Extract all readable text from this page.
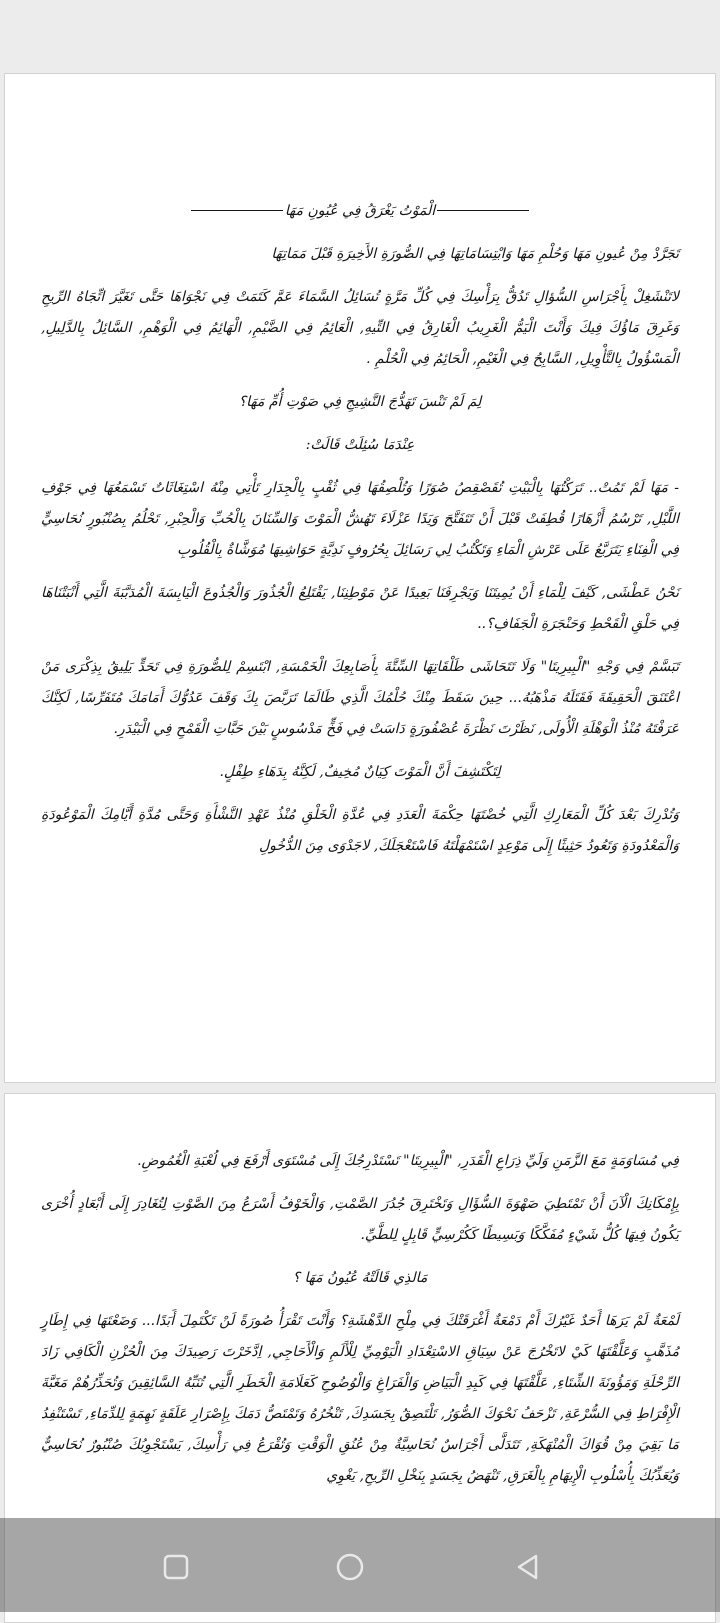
الْمَوْتُ يَغْرَقُ فِي عُيُونِ مَهَا

تَجَرَّدْ مِنْ عُيونِ مَهَا وَحُلْمِ مَهَا وَابْتِسَامَاتِهَا فِي الصُّورَةِ الأَخِيرَةِ قَبْلَ مَمَاتِهَا

لاتَنْشَغِلْ بِأَجْرَاسِ السُّؤالِ تَدُقُّ بِرَأْسِكَ فِي كُلِّ مَرَّةٍ تُسَائِلُ السَّمَاءَ عَمَّ كَتَمَتْ فِي نَجْوَاهَا حَتَّى تَغَيَّرَ اتِّجَاهُ الرِّيحِ وَغَرِقَ مَاؤُكَ فِيكَ وَأَنْتَ الْيَمُّ الْغَرِيبُ الْغَارِقُ فِي التِّيهِ, الْعَائِمُ فِي الضَّيْمِ, الْهَائِمُ فِي الْوَهْمِ, السَّائِلُ بِالدَّلِيلِ, الْمَسْؤُولُ بِالتَّأْوِيلِ, السَّابِحُ فِي الْغَيْمِ, الْحَائِمُ فِي الْحُلْمِ .

لِمَ لَمْ تَنْسَ تَهَدُّجَ النَّشِيجِ فِي صَوْتِ أُمِّ مَهَا؟

عِنْدَمَا سُئِلَتْ قَالَتْ:

- مَهَا لَمْ تَمُتْ.. تَرَكْتُهَا بِالْبَيْتِ تُقَصْقِصُ صُوَرًا وَتُلْصِقُهَا فِي ثُقْبٍ بِالْجِدَارِ تَأْتِي مِنْهُ اسْتِغَاثَاتٌ تَسْمَعُهَا فِي جَوْفِ اللَّيْلِ, تَرْسُمُ أَزْهَارًا قُطِفَتْ قَبْلَ أَنْ تَتَفَتَّحَ وَيَدًا عَزْلَاءَ تَهُشُّ الْمَوْتَ وَالسِّنَانَ بِالْحُبِّ وَالْحِبْرِ, تَحْلُمُ بِصُنْبُورٍ نُحَاسِيٍّ فِي الْفِنَاءِ يَتَرَبَّعُ عَلَى عَرْشِ الْمَاءِ وَتَكْتُبُ لِي رَسَائِلَ بِحُرُوفٍ نَدِيَّةٍ حَوَاشِيهَا مُوَشَّاةٌ بِالْقُلُوبِ

نَحْنُ عَطْشَى, كَيْفَ لِلْمَاءِ أَنْ يُمِيتَنَا وَيَجْرِفَنَا بَعِيدًا عَنْ مَوْطِنِنَا, يَقْتَلِعُ الْجُذُورَ وَالْجُذُوعَ الْيَابِسَةَ الْمُدَبَّبَةَ الَّتِي أَنْبَتْنَاهَا فِي حَلْقِ الْقَحْطِ وَحَنْجَرَةِ الْجَفَافِ؟..

تَبَسَّمْ فِي وَجْهِ "الْبِيرِيتَا" وَلَا تَتَحَاشَى طَلْقَاتِهَا السِّتَّةَ بِأَصَابِعِكَ الْخَمْسَةِ, ابْتَسِمْ لِلصُّورَةِ فِي تَحَدٍّ يَلِيقُ بِذِكْرَى مَنْ اعْتَنَقَ الْحَقِيقَةَ فَقَتَلَهُ مَذْهَبُهُ... حِينَ سَقَطَ مِنْكَ حُلْمُكَ الَّذِي طَالَمَا تَرَبَّصَ بِكَ وَقَفَ عَدُوُّكَ أَمَامَكَ مُتَفَرِّسًا, لَكِنَّكَ عَرَفْتَهُ مُنْذُ الْوَهْلَةِ الْأُولَى, نَظَرْتَ نَظْرَةَ عُصْفُورَةٍ دَاسَتْ فِي فَخٍّ مَدْسُوسٍ بَيْنَ حَبَّاتِ الْقَمْحِ فِي الْبَيْدَرِ.

لِتَكْتَشِفَ أَنَّ الْمَوْتَ كِيَانٌ مُخِيفٌ, لَكِنَّهُ بِدَهَاءِ طِفْلٍ.

وَتُدْرِكَ بَعْدَ كُلِّ الْمَعَارِكِ الَّتِي خُضْتَهَا حِكْمَةَ الْعَدَدِ فِي عُدَّةِ الْخَلْقِ مُنْذُ عَهْدِ النَّشْأَةِ وَحَتَّى مُدَّةِ أَيَّامِكَ الْمَوْعُودَةِ وَالْمَعْدُودَةِ وَتَعُودُ حَثِيثًا إِلَى مَوْعِدٍ اسْتَمْهَلْتَهُ فَاسْتَعْجَلَكَ, لاجَدْوَى مِنَ الدُّخُولِ

فِي مُسَاوَمَةٍ مَعَ الزَّمَنِ وَلَيِّ ذِرَاعِ الْقَدَرِ, "الْبِيرِيتَا" تَسْتَدْرِجُكَ إِلَى مُسْتَوَى أَرْفَعَ فِي لُعْبَةِ الْغُمُوضِ.

بِإِمْكَانِكَ الْآنَ أَنْ تَمْتَطِيَ صَهْوَةَ السُّؤَالِ وَتَخْتَرِقَ جُدُرَ الصَّمْتِ, وَالْخَوْفُ أَسْرَعُ مِنَ الصَّوْتِ لِتُغَادِرَ إِلَى أَبْعَادٍ أُخْرَى يَكُونُ فِيهَا كُلُّ شَيْءٍ مُفَكَّكًا وَبَسِيطًا كَكُرْسِيٍّ قَابِلٍ لِلطَّيِّ.

مَالذِي قَالَتْهُ عُيُونُ مَهَا ؟

لَمْعَةٌ لَمْ يَرَهَا أَحَدٌ غَيْرُكَ أَمْ دَمْعَةٌ أَغْرَقَتْكَ فِي مِلْحِ الدَّهْشَةِ؟ وَأَنْتَ تَقْرَأُ صُورَةً لَنْ تَكْتَمِلَ أَبَدًا... وَضَعْتَهَا فِي إِطَارٍ مُذَهَّبٍ وَعَلَّقْتَهَا كَيْ لاتَخْرُجَ عَنْ سِيَاقِ الاسْتِعْدَادِ الْيَوْمِيِّ لِلْأَلَمِ وَالْأَحَاجِي, اِدَّخَرْتَ رَصِيدَكَ مِنَ الْحُزْنِ الْكَافِي زَادَ الرِّحْلَةِ وَمَؤُونَةَ الشِّتَاءِ, عَلَّقْتَهَا فِي كَبِدِ الْبَيَاضِ وَالْفَرَاغِ وَالْوُضُوحِ كَعَلَامَةِ الْخَطَرِ الَّتِي تُنَبِّهُ السَّائِقِينَ وَتُحَذِّرُهُمْ مَغَبَّةَ الْإِفْرَاطِ فِي السُّرْعَةِ, تَزْحَفُ نَحْوَكَ الصُّوَرُ, تَلْتَصِقُ بِجَسَدِكَ, تَنْخُرُهُ وَتَمْتَصُّ دَمَكَ بِإِصْرَارِ عَلَقَةٍ نَهِمَةٍ لِلدِّمَاءِ, تَسْتَنْفِدُ مَا بَقِيَ مِنْ قُوَاكَ الْمُنْهَكَةِ, تَتَدَلَّى أَجْرَاسٌ نُحَاسِيَّةٌ مِنْ عُنُقِ الْوَقْتِ وَتُقْرَعُ فِي رَأْسِكَ, يَسْتَجْوِبُكَ صُنْبُورٌ نُحَاسِيٌّ وَيُعَذِّبُكَ بِأُسْلُوبِ الْإِيهَامِ بِالْغَرَقِ, تَنْهَضُ بِجَسَدٍ بِنَخْلِ الرِّيحِ, يَغْوِي
